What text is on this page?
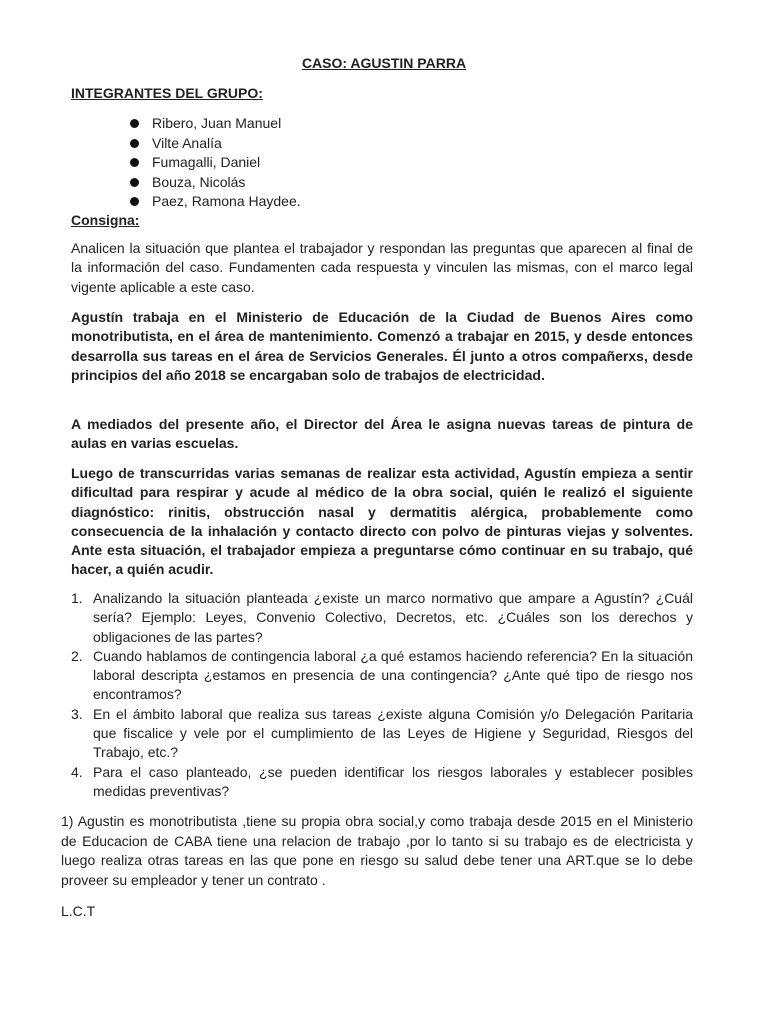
CASO: AGUSTIN PARRA
INTEGRANTES DEL GRUPO:
Ribero, Juan Manuel
Vilte Analía
Fumagalli, Daniel
Bouza, Nicolás
Paez, Ramona Haydee.
Consigna:

Analicen la situación que plantea el trabajador y respondan las preguntas que aparecen al final de la información del caso. Fundamenten cada respuesta y vinculen las mismas, con el marco legal vigente aplicable a este caso.

Agustín trabaja en el Ministerio de Educación de la Ciudad de Buenos Aires como monotributista, en el área de mantenimiento. Comenzó a trabajar en 2015, y desde entonces desarrolla sus tareas en el área de Servicios Generales. Él junto a otros compañerxs, desde principios del año 2018 se encargaban solo de trabajos de electricidad.

A mediados del presente año, el Director del Área le asigna nuevas tareas de pintura de aulas en varias escuelas.

Luego de transcurridas varias semanas de realizar esta actividad, Agustín empieza a sentir dificultad para respirar y acude al médico de la obra social, quién le realizó el siguiente diagnóstico: rinitis, obstrucción nasal y dermatitis alérgica, probablemente como consecuencia de la inhalación y contacto directo con polvo de pinturas viejas y solventes. Ante esta situación, el trabajador empieza a preguntarse cómo continuar en su trabajo, qué hacer, a quién acudir.

1. Analizando la situación planteada ¿existe un marco normativo que ampare a Agustín? ¿Cuál sería? Ejemplo: Leyes, Convenio Colectivo, Decretos, etc. ¿Cuáles son los derechos y obligaciones de las partes?
2. Cuando hablamos de contingencia laboral ¿a qué estamos haciendo referencia? En la situación laboral descripta ¿estamos en presencia de una contingencia? ¿Ante qué tipo de riesgo nos encontramos?
3. En el ámbito laboral que realiza sus tareas ¿existe alguna Comisión y/o Delegación Paritaria que fiscalice y vele por el cumplimiento de las Leyes de Higiene y Seguridad, Riesgos del Trabajo, etc.?
4. Para el caso planteado, ¿se pueden identificar los riesgos laborales y establecer posibles medidas preventivas?

1) Agustin es monotributista ,tiene su propia obra social,y como trabaja desde 2015 en el Ministerio de Educacion de CABA tiene una relacion de trabajo ,por lo tanto si su trabajo es de electricista y luego realiza otras tareas en las que pone en riesgo su salud debe tener una ART.que se lo debe proveer su empleador y tener un contrato .

L.C.T
